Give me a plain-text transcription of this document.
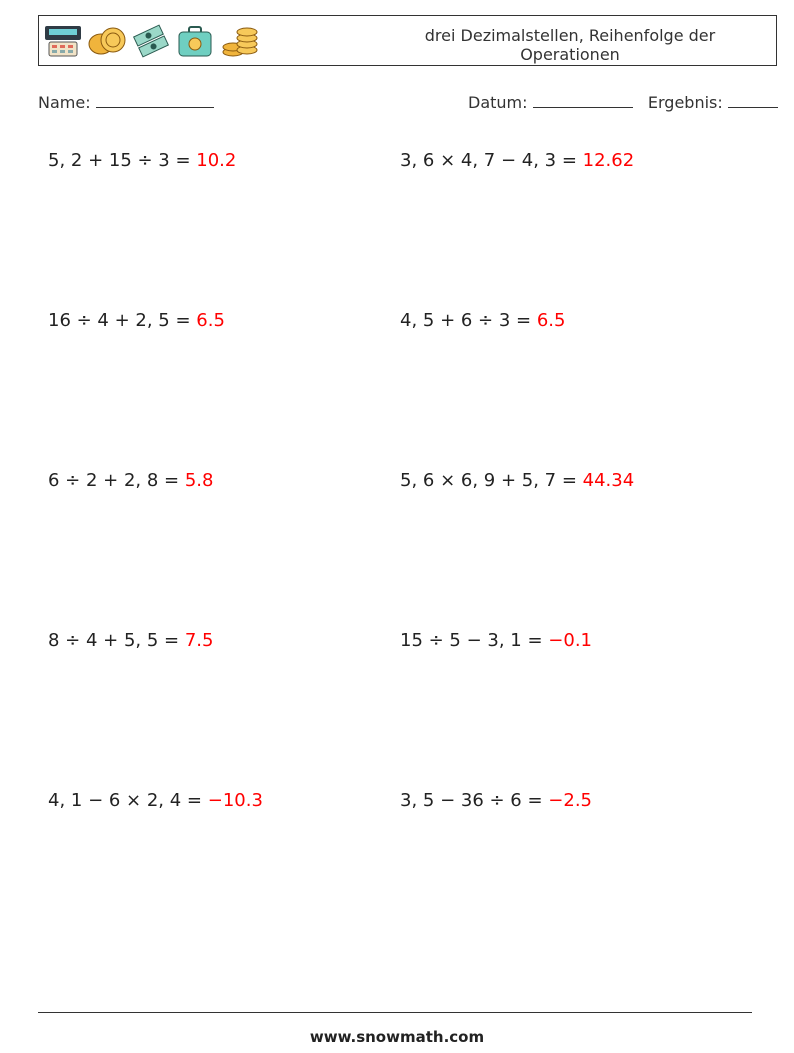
drei Dezimalstellen, Reihenfolge der Operationen
Name:	Datum:	Ergebnis:
5, 2 + 15 ÷ 3 = 10.2	3, 6 × 4, 7 − 4, 3 = 12.62
16 ÷ 4 + 2, 5 = 6.5	4, 5 + 6 ÷ 3 = 6.5
6 ÷ 2 + 2, 8 = 5.8	5, 6 × 6, 9 + 5, 7 = 44.34
8 ÷ 4 + 5, 5 = 7.5	15 ÷ 5 − 3, 1 = −0.1
4, 1 − 6 × 2, 4 = −10.3	3, 5 − 36 ÷ 6 = −2.5
www.snowmath.com
